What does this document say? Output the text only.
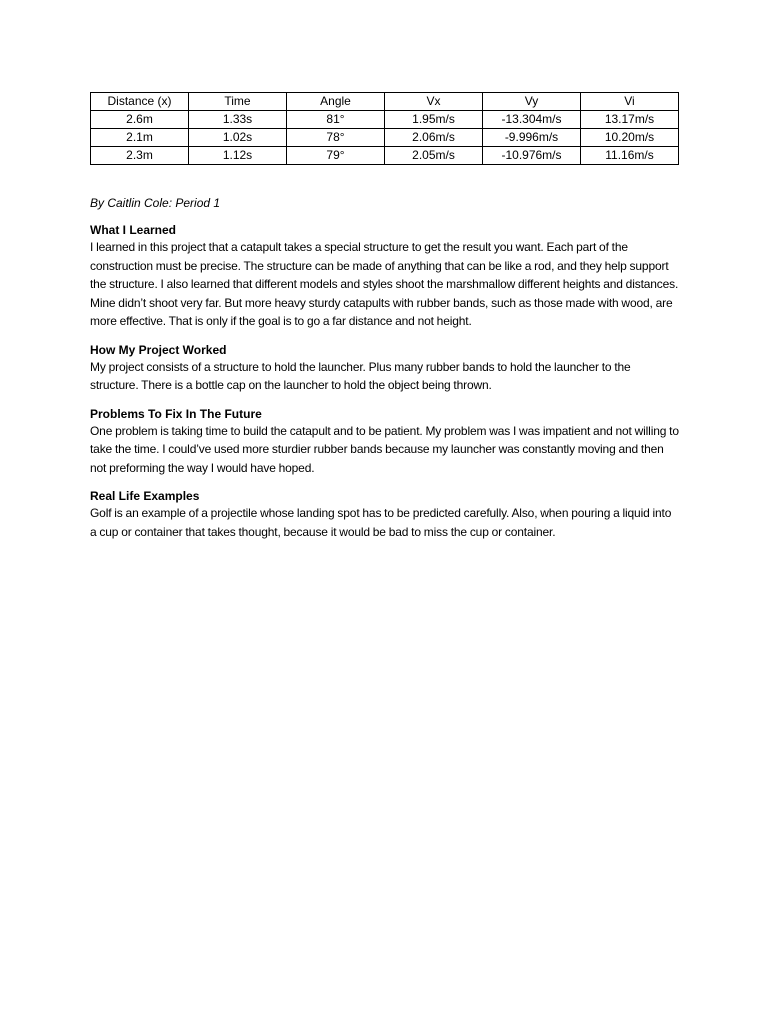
Distance (x)	Time	Angle	Vx	Vy	Vi
2.6m	1.33s	81°	1.95m/s	-13.304m/s	13.17m/s
2.1m	1.02s	78°	2.06m/s	-9.996m/s	10.20m/s
2.3m	1.12s	79°	2.05m/s	-10.976m/s	11.16m/s
By Caitlin Cole: Period 1
What I Learned
I learned in this project that a catapult takes a special structure to get the result you want. Each part of the construction must be precise. The structure can be made of anything that can be like a rod, and they help support the structure. I also learned that different models and styles shoot the marshmallow different heights and distances. Mine didn’t shoot very far. But more heavy sturdy catapults with rubber bands, such as those made with wood, are more effective. That is only if the goal is to go a far distance and not height.
How My Project Worked
My project consists of a structure to hold the launcher. Plus many rubber bands to hold the launcher to the structure. There is a bottle cap on the launcher to hold the object being thrown.
Problems To Fix In The Future
One problem is taking time to build the catapult and to be patient. My problem was I was impatient and not willing to take the time. I could’ve used more sturdier rubber bands because my launcher was constantly moving and then not preforming the way I would have hoped.
Real Life Examples
Golf is an example of a projectile whose landing spot has to be predicted carefully. Also, when pouring a liquid into a cup or container that takes thought, because it would be bad to miss the cup or container.
